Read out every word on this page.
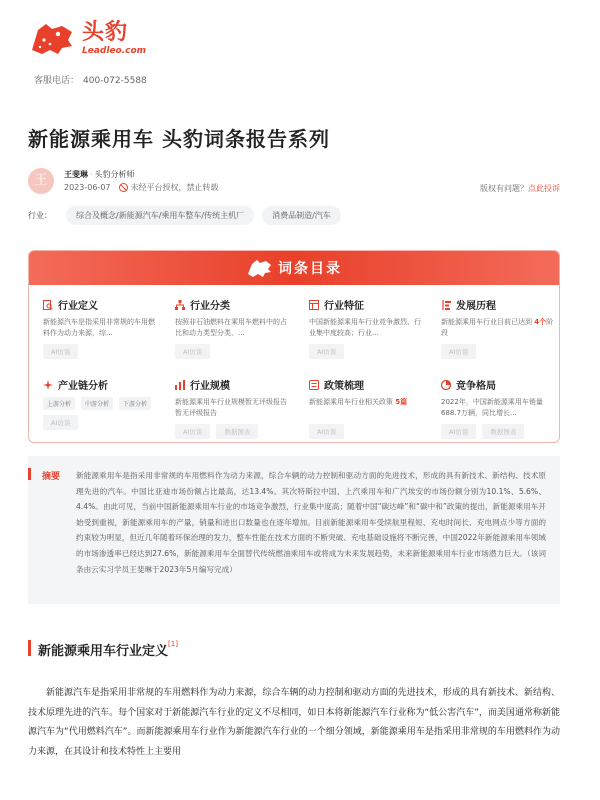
头豹
Leadleo.com
客服电话： 400-072-5588
新能源乘用车 头豹词条报告系列
王	王斐琳 · 头豹分析师
2023-06-07	未经平台授权，禁止转载	版权有问题？点此投诉
行业：	综合及概念/新能源汽车/乘用车整车/传统主机厂	消费品制造/汽车
词条目录
行业定义
新能源汽车是指采用非常规的车用燃料作为动力来源，综...
AI访谈
行业分类
按照非石油燃料在乘用车燃料中的占比和动力类型分类，...
AI访谈
行业特征
中国新能源乘用车行业竞争激烈、行业集中度较高；行业...
AI访谈
发展历程
新能源乘用车行业目前已达到 4个阶段
AI访谈
产业链分析
上游分析	中游分析	下游分析
AI访谈
行业规模
新能源乘用车行业规模暂无评级报告 暂无评级报告
AI访谈	数据图表
政策梳理
新能源乘用车行业相关政策 5篇
AI访谈
竞争格局
2022年，中国新能源乘用车销量688.7万辆，同比增长...
AI访谈	数据图表
摘要 新能源乘用车是指采用非常规的车用燃料作为动力来源，综合车辆的动力控制和驱动方面的先进技术，形成的具有新技术、新结构、技术原理先进的汽车。中国比亚迪市场份额占比最高，达13.4%。其次特斯拉中国、上汽乘用车和广汽埃安的市场份额分别为10.1%、5.6%、4.4%。由此可见，当前中国新能源乘用车行业的市场竞争激烈，行业集中度高；随着中国“碳达峰”和“碳中和”政策的提出，新能源乘用车开始受到重视，新能源乘用车的产量，销量和进出口数量也在逐年增加。目前新能源乘用车受续航里程短、充电时间长、充电网点少等方面的约束较为明显，但近几年随着环保治理的发力，整车性能在技术方面的不断突破、充电基础设施将不断完善，中国2022年新能源乘用车领域的市场渗透率已经达到27.6%，新能源乘用车全面替代传统燃油乘用车或将成为未来发展趋势，未来新能源乘用车行业市场潜力巨大。（该词条由云实习学员王斐琳于2023年5月编写完成）
新能源乘用车行业定义[1]
新能源汽车是指采用非常规的车用燃料作为动力来源，综合车辆的动力控制和驱动方面的先进技术，形成的具有新技术、新结构、技术原理先进的汽车。每个国家对于新能源汽车行业的定义不尽相同，如日本将新能源汽车行业称为“低公害汽车”，而美国通常称新能源汽车为“代用燃料汽车”。而新能源乘用车行业作为新能源汽车行业的一个细分领域，新能源乘用车是指采用非常规的车用燃料作为动力来源，在其设计和技术特性上主要用
